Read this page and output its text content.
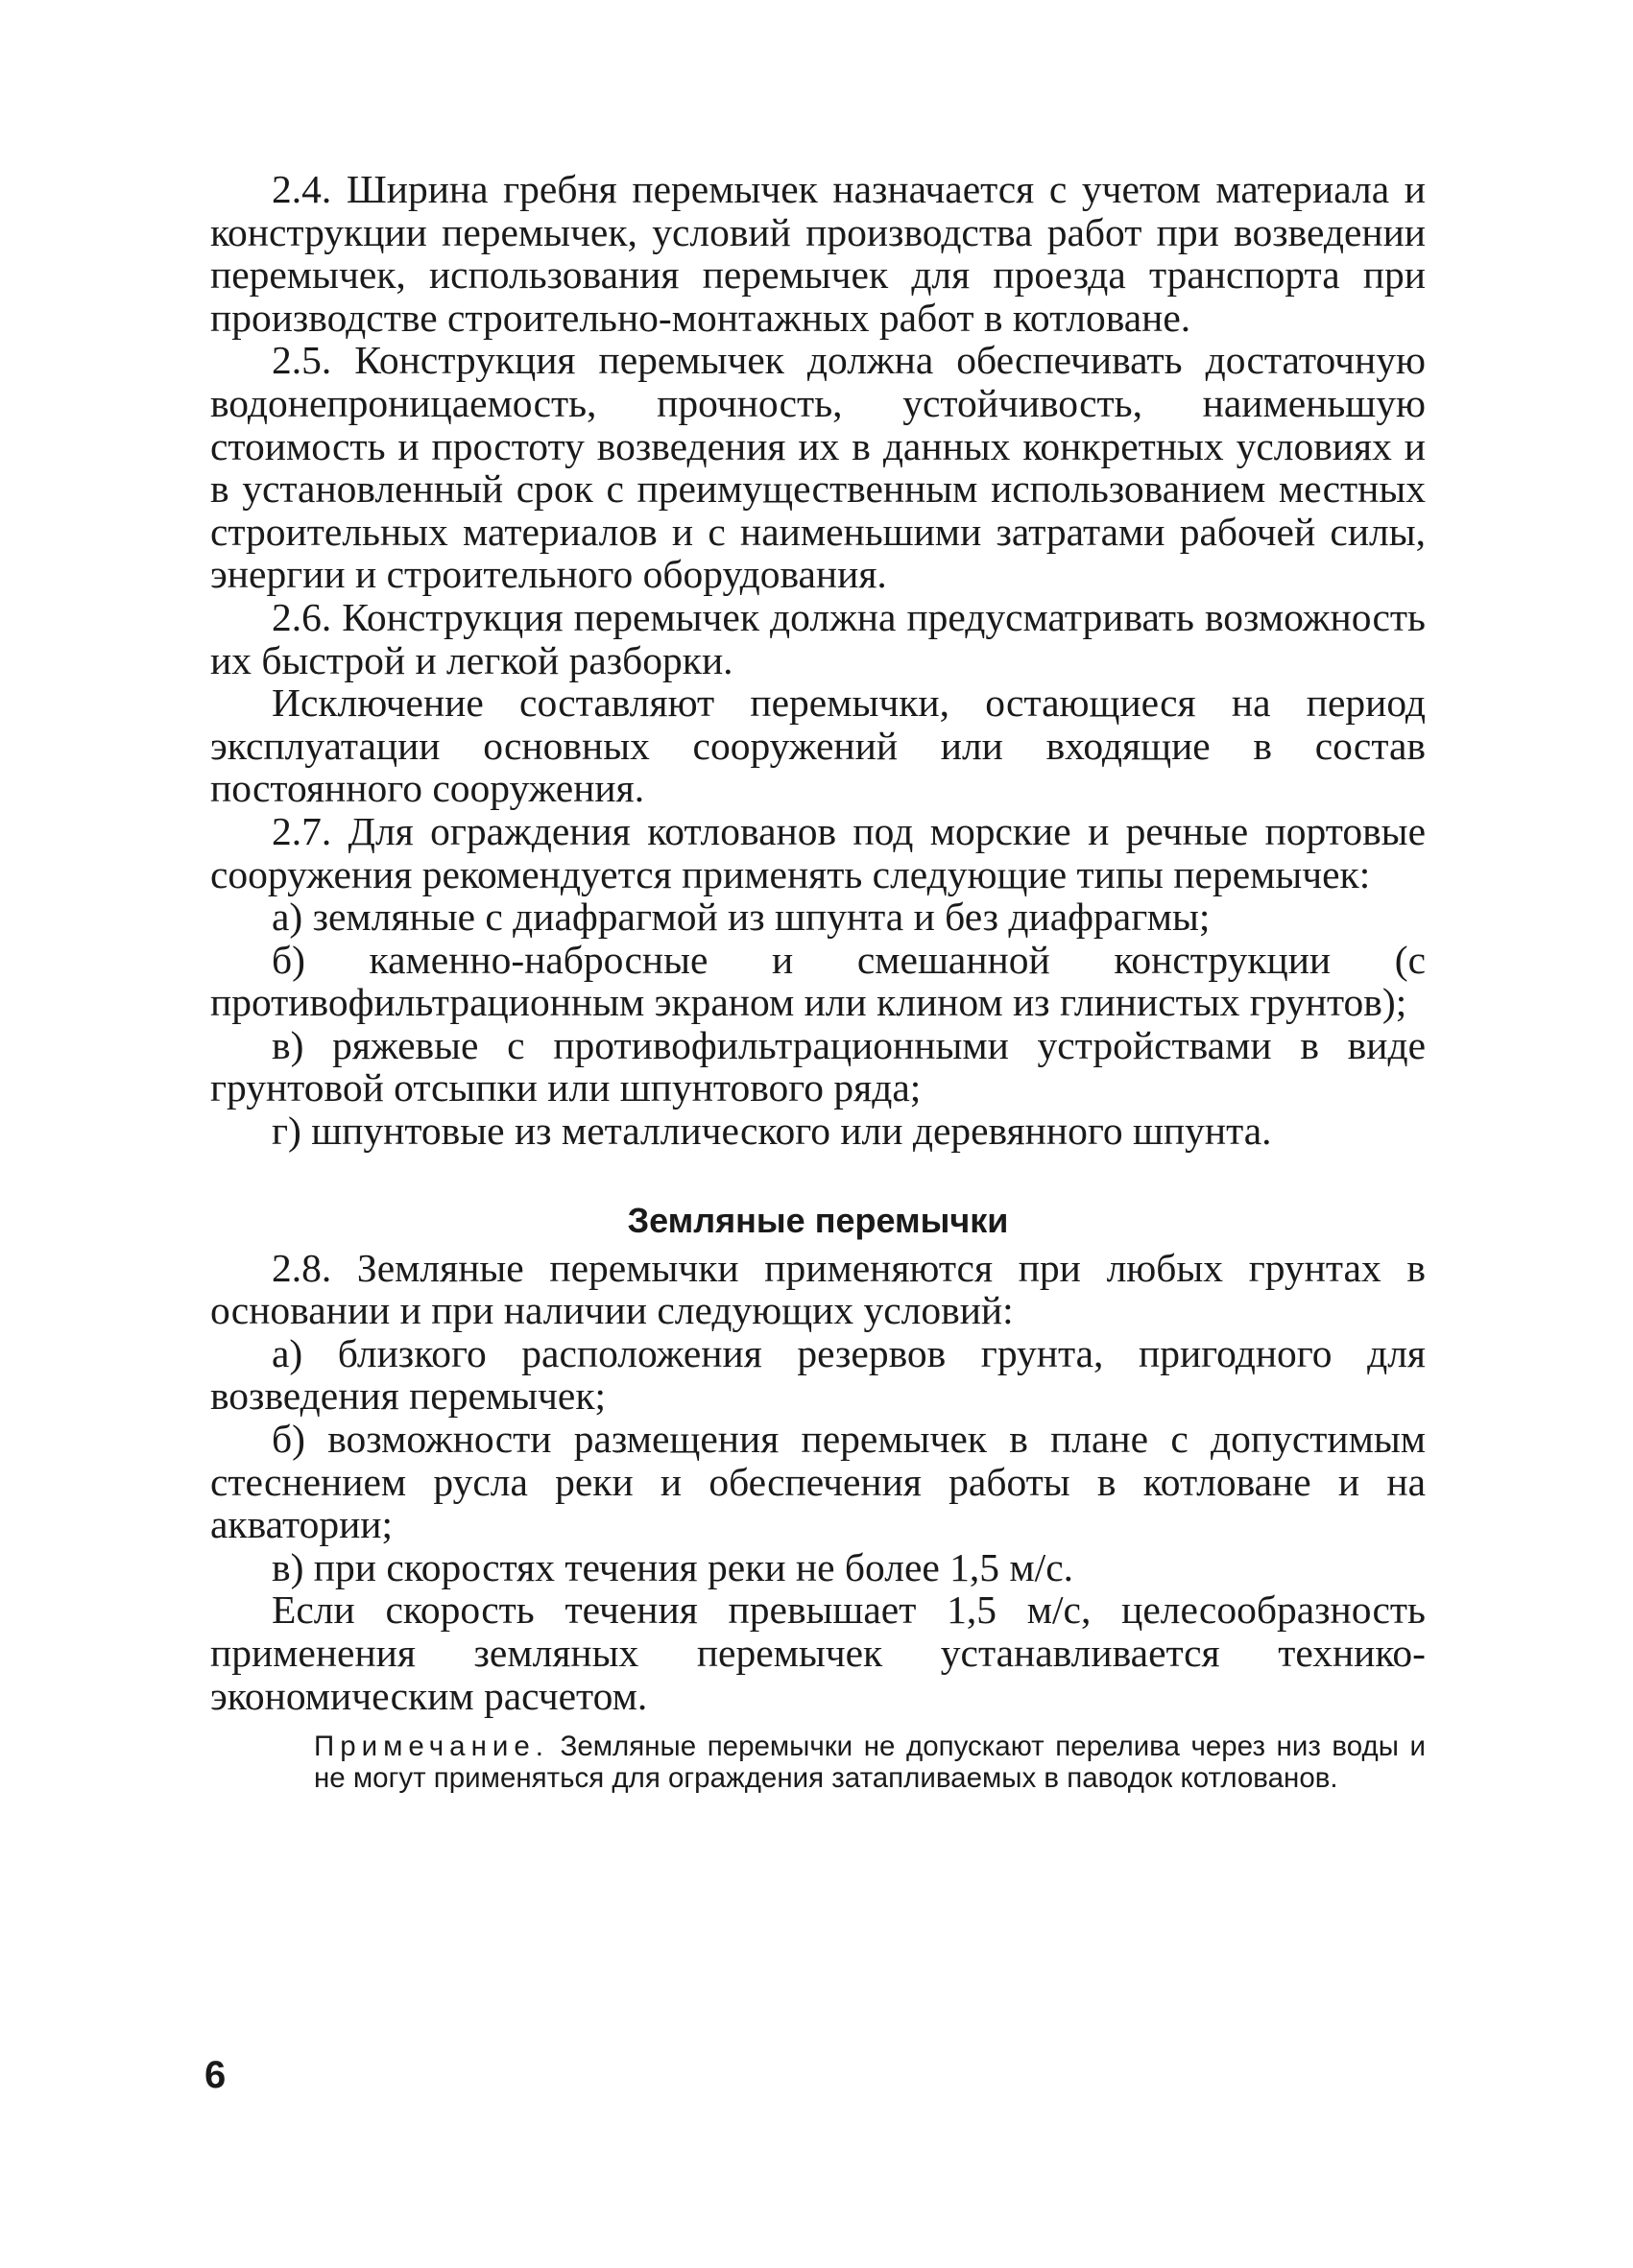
2.4. Ширина гребня перемычек назначается с учетом материала и конструкции перемычек, условий производства работ при возведении перемычек, использования перемычек для проезда транспорта при производстве строительно-монтажных работ в котловане.

2.5. Конструкция перемычек должна обеспечивать достаточную водонепроницаемость, прочность, устойчивость, наименьшую стоимость и простоту возведения их в данных конкретных условиях и в установленный срок с преимущественным использованием местных строительных материалов и с наименьшими затратами рабочей силы, энергии и строительного оборудования.

2.6. Конструкция перемычек должна предусматривать возможность их быстрой и легкой разборки.

Исключение составляют перемычки, остающиеся на период эксплуатации основных сооружений или входящие в состав постоянного сооружения.

2.7. Для ограждения котлованов под морские и речные портовые сооружения рекомендуется применять следующие типы перемычек:

а) земляные с диафрагмой из шпунта и без диафрагмы;

б) каменно-набросные и смешанной конструкции (с противофильтрационным экраном или клином из глинистых грунтов);

в) ряжевые с противофильтрационными устройствами в виде грунтовой отсыпки или шпунтового ряда;

г) шпунтовые из металлического или деревянного шпунта.

Земляные перемычки

2.8. Земляные перемычки применяются при любых грунтах в основании и при наличии следующих условий:

а) близкого расположения резервов грунта, пригодного для возведения перемычек;

б) возможности размещения перемычек в плане с допустимым стеснением русла реки и обеспечения работы в котловане и на акватории;

в) при скоростях течения реки не более 1,5 м/с.

Если скорость течения превышает 1,5 м/с, целесообразность применения земляных перемычек устанавливается технико-экономическим расчетом.

Примечание. Земляные перемычки не допускают перелива через низ воды и не могут применяться для ограждения затапливаемых в паводок котлованов.

6
